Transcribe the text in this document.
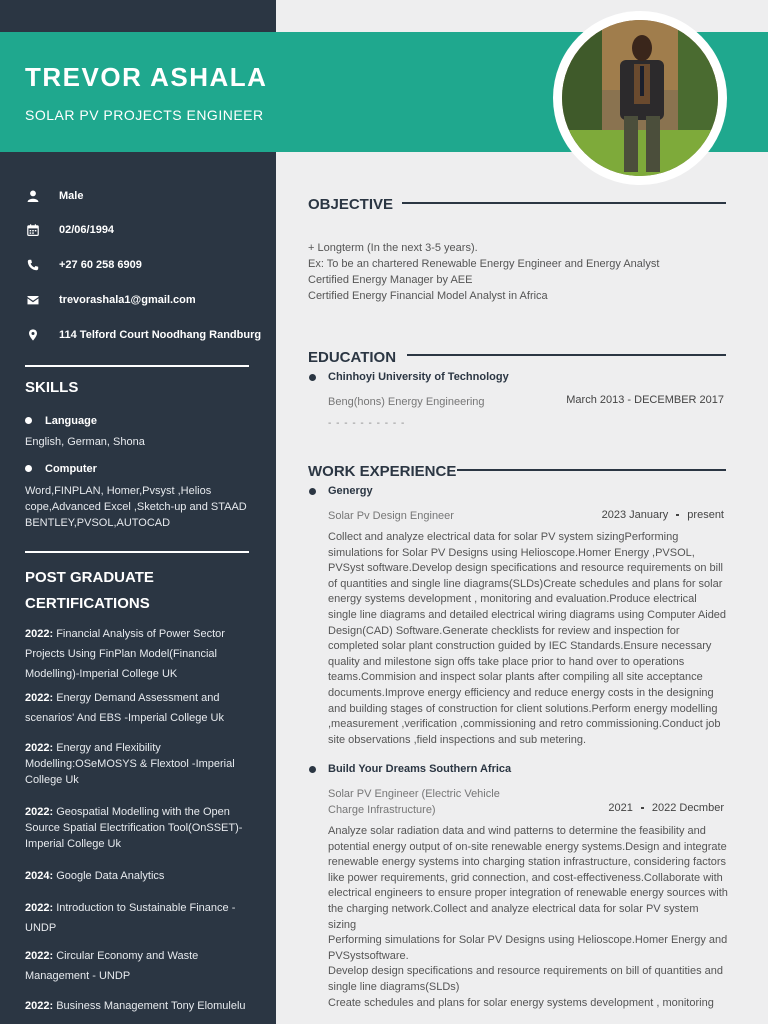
TREVOR ASHALA
SOLAR PV PROJECTS ENGINEER
Male
02/06/1994
+27 60 258 6909
trevorashala1@gmail.com
114 Telford Court Noodhang Randburg
SKILLS
Language
English, German, Shona
Computer
Word,FINPLAN, Homer,Pvsyst ,Helios cope,Advanced Excel ,Sketch-up and STAAD BENTLEY,PVSOL,AUTOCAD
POST GRADUATE
CERTIFICATIONS
2022: Financial Analysis of Power Sector Projects Using FinPlan Model(Financial Modelling)-Imperial College UK
2022: Energy Demand Assessment and scenarios' And EBS -Imperial College Uk
2022: Energy and Flexibility Modelling:OSeMOSYS & Flextool -Imperial College Uk
2022: Geospatial Modelling with the Open Source Spatial Electrification Tool(OnSSET)-Imperial College Uk
2024: Google Data Analytics
2022: Introduction to Sustainable Finance - UNDP
2022: Circular Economy and Waste Management - UNDP
2022: Business Management Tony Elomulelu
OBJECTIVE
+ Longterm (In the next 3-5 years).
Ex: To be an chartered Renewable Energy Engineer and Energy Analyst
Certified Energy Manager by AEE
Certified Energy Financial Model Analyst in Africa
EDUCATION
Chinhoyi University of Technology
Beng(hons) Energy Engineering	March 2013 - DECEMBER 2017
- - - - - - - - - -
WORK EXPERIENCE
Genergy
Solar Pv Design Engineer	2023 January present
Collect and analyze electrical data for solar PV system sizingPerforming simulations for Solar PV Designs using Helioscope.Homer Energy ,PVSOL, PVSyst software.Develop design specifications and resource requirements on bill of quantities and single line diagrams(SLDs)Create schedules and plans for solar energy systems development , monitoring and evaluation.Produce electrical single line diagrams and detailed electrical wiring diagrams using Computer Aided Design(CAD) Software.Generate checklists for review and inspection for completed solar plant construction guided by IEC Standards.Ensure necessary quality and milestone sign offs take place prior to hand over to operations teams.Commision and inspect solar plants after compiling all site acceptance documents.Improve energy efficiency and reduce energy costs in the designing and building stages of construction for client solutions.Perform energy modelling ,measurement ,verification ,commissioning and retro commissioning.Conduct job site observations ,field inspections and sub metering.
Build Your Dreams Southern Africa
Solar PV Engineer (Electric Vehicle Charge Infrastructure)	2021 2022 Decmber
Analyze solar radiation data and wind patterns to determine the feasibility and potential energy output of on-site renewable energy systems.Design and integrate renewable energy systems into charging station infrastructure, considering factors like power requirements, grid connection, and cost-effectiveness.Collaborate with electrical engineers to ensure proper integration of renewable energy sources with the charging network.Collect and analyze electrical data for solar PV system sizing
Performing simulations for Solar PV Designs using Helioscope.Homer Energy and PVSystsoftware.
Develop design specifications and resource requirements on bill of quantities and single line diagrams(SLDs)
Create schedules and plans for solar energy systems development , monitoring
